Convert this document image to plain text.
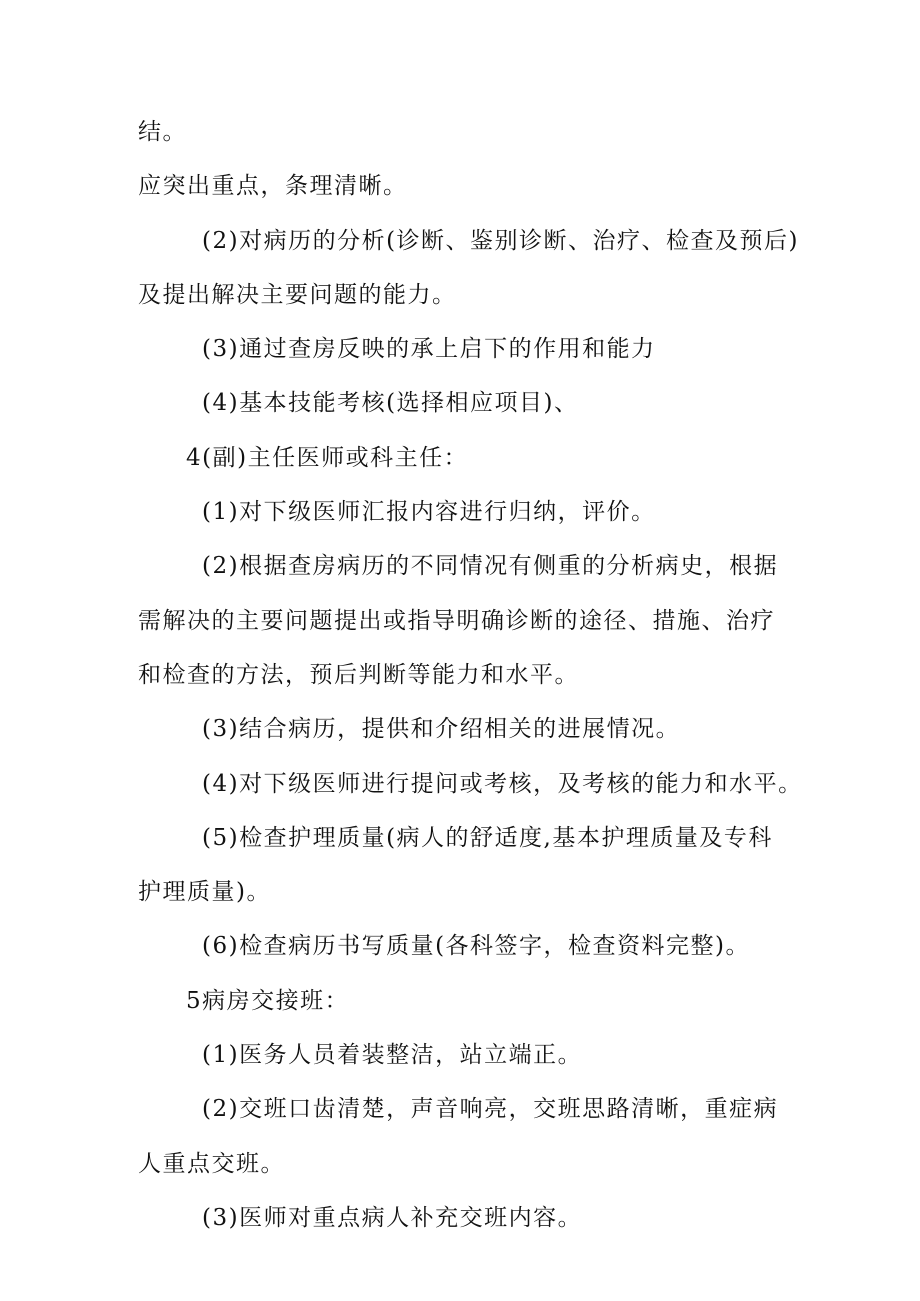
结。
应突出重点，条理清晰。
(2)对病历的分析(诊断、鉴别诊断、治疗、检查及预后)
及提出解决主要问题的能力。
(3)通过查房反映的承上启下的作用和能力
(4)基本技能考核(选择相应项目)、
4(副)主任医师或科主任：
(1)对下级医师汇报内容进行归纳，评价。
(2)根据查房病历的不同情况有侧重的分析病史，根据
需解决的主要问题提出或指导明确诊断的途径、措施、治疗
和检查的方法，预后判断等能力和水平。
(3)结合病历，提供和介绍相关的进展情况。
(4)对下级医师进行提问或考核，及考核的能力和水平。
(5)检查护理质量(病人的舒适度,基本护理质量及专科
护理质量)。
(6)检查病历书写质量(各科签字，检查资料完整)。
5病房交接班：
(1)医务人员着装整洁，站立端正。
(2)交班口齿清楚，声音响亮，交班思路清晰，重症病
人重点交班。
(3)医师对重点病人补充交班内容。
